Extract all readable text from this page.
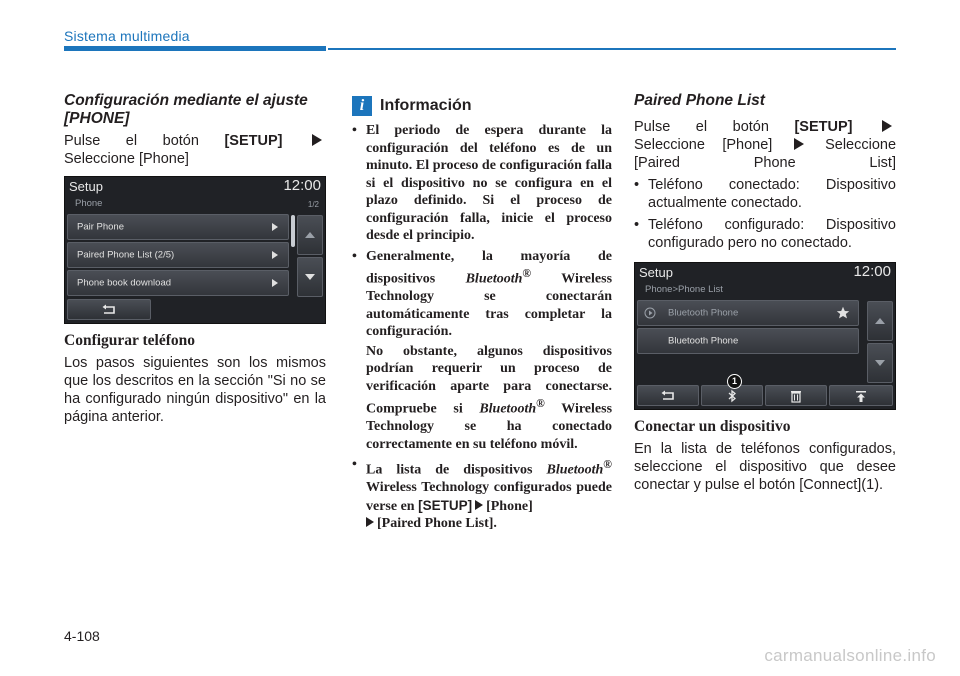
Sistema multimedia
Configuración mediante el ajuste [PHONE]

Pulse el botón [SETUP]

Seleccione [Phone]

Setup	12:00
Phone	1/2
Pair Phone
Paired Phone List (2/5)
Phone book download
Configurar teléfono

Los pasos siguientes son los mismos que los descritos en la sección "Si no se ha configurado ningún dispositivo" en la página anterior.

i Información
• El periodo de espera durante la configuración del teléfono es de un minuto. El proceso de configuración falla si el dispositivo no se configura en el plazo definido. Si el proceso de configuración falla, inicie el proceso desde el principio.

• Generalmente, la mayoría de dispositivos Bluetooth® Wireless Technology se conectarán automáticamente tras completar la configuración.

No obstante, algunos dispositivos podrían requerir un proceso de verificación aparte para conectarse. Compruebe si Bluetooth® Wireless Technology se ha conectado correctamente en su teléfono móvil.

• La lista de dispositivos Bluetooth® Wireless Technology configurados puede verse en [SETUP] [Phone]
[Paired Phone List].
Paired Phone List

Pulse el botón [SETUP]

Seleccione [Phone]	Seleccione [Paired Phone List]

• Teléfono conectado: Dispositivo actualmente conectado.
• Teléfono configurado: Dispositivo configurado pero no conectado.
Setup	12:00
Phone>Phone List
Bluetooth Phone
Bluetooth Phone
1
Conectar un dispositivo

En la lista de teléfonos configurados, seleccione el dispositivo que desee conectar y pulse el botón [Connect](1).

4-108
carmanualsonline.info
